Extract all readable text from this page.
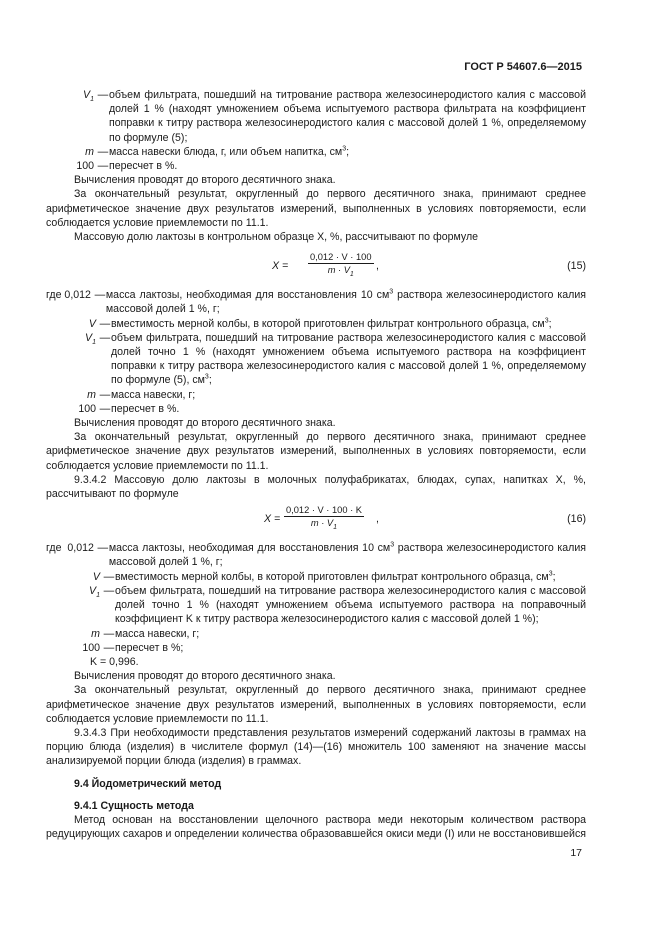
ГОСТ Р 54607.6—2015
$V_1$ — объем фильтрата, пошедший на титрование раствора железосинеродистого калия с массовой долей 1 % (находят умножением объема испытуемого раствора фильтрата на коэффициент поправки к титру раствора железосинеродистого калия с массовой долей 1 %, определяемому по формуле (5);
m — масса навески блюда, г, или объем напитка, $см^3$;
100 — пересчет в %.

Вычисления проводят до второго десятичного знака.

За окончательный результат, округленный до первого десятичного знака, принимают среднее арифметическое значение двух результатов измерений, выполненных в условиях повторяемости, если соблюдается условие приемлемости по 11.1.

Массовую долю лактозы в контрольном образце X, %, рассчитывают по формуле

$X = \frac{0,012 \cdot V \cdot 100}{m \cdot V_1}$ ,	(15)
где 0,012 — масса лактозы, необходимая для восстановления 10 $см^3$ раствора железосинеродистого калия массовой долей 1 %, г;
V — вместимость мерной колбы, в которой приготовлен фильтрат контрольного образца, $см^3$;
$V_1$ — объем фильтрата, пошедший на титрование раствора железосинеродистого калия с массовой долей точно 1 % (находят умножением объема испытуемого раствора на коэффициент поправки к титру раствора железосинеродистого калия с массовой долей 1 %, определяемому по формуле (5), $см^3$;
m — масса навески, г;
100 — пересчет в %.

Вычисления проводят до второго десятичного знака.

За окончательный результат, округленный до первого десятичного знака, принимают среднее арифметическое значение двух результатов измерений, выполненных в условиях повторяемости, если соблюдается условие приемлемости по 11.1.

9.3.4.2 Массовую долю лактозы в молочных полуфабрикатах, блюдах, супах, напитках X, %, рассчитывают по формуле

$X = \frac{0,012 \cdot V \cdot 100 \cdot K}{m \cdot V_1}$ ,	(16)
где 0,012 — масса лактозы, необходимая для восстановления 10 $см^3$ раствора железосинеродистого калия массовой долей 1 %, г;
V — вместимость мерной колбы, в которой приготовлен фильтрат контрольного образца, $см^3$;
$V_1$ — объем фильтрата, пошедший на титрование раствора железосинеродистого калия с массовой долей точно 1 % (находят умножением объема испытуемого раствора на поправочный коэффициент K к титру раствора железосинеродистого калия с массовой долей 1 %);
m — масса навески, г;
100 — пересчет в %;
K = 0,996.

Вычисления проводят до второго десятичного знака.

За окончательный результат, округленный до первого десятичного знака, принимают среднее арифметическое значение двух результатов измерений, выполненных в условиях повторяемости, если соблюдается условие приемлемости по 11.1.

9.3.4.3 При необходимости представления результатов измерений содержаний лактозы в граммах на порцию блюда (изделия) в числителе формул (14)—(16) множитель 100 заменяют на значение массы анализируемой порции блюда (изделия) в граммах.

9.4 Йодометрический метод

9.4.1 Сущность метода

Метод основан на восстановлении щелочного раствора меди некоторым количеством раствора редуцирующих сахаров и определении количества образовавшейся окиси меди (I) или не восстановившейся

17
